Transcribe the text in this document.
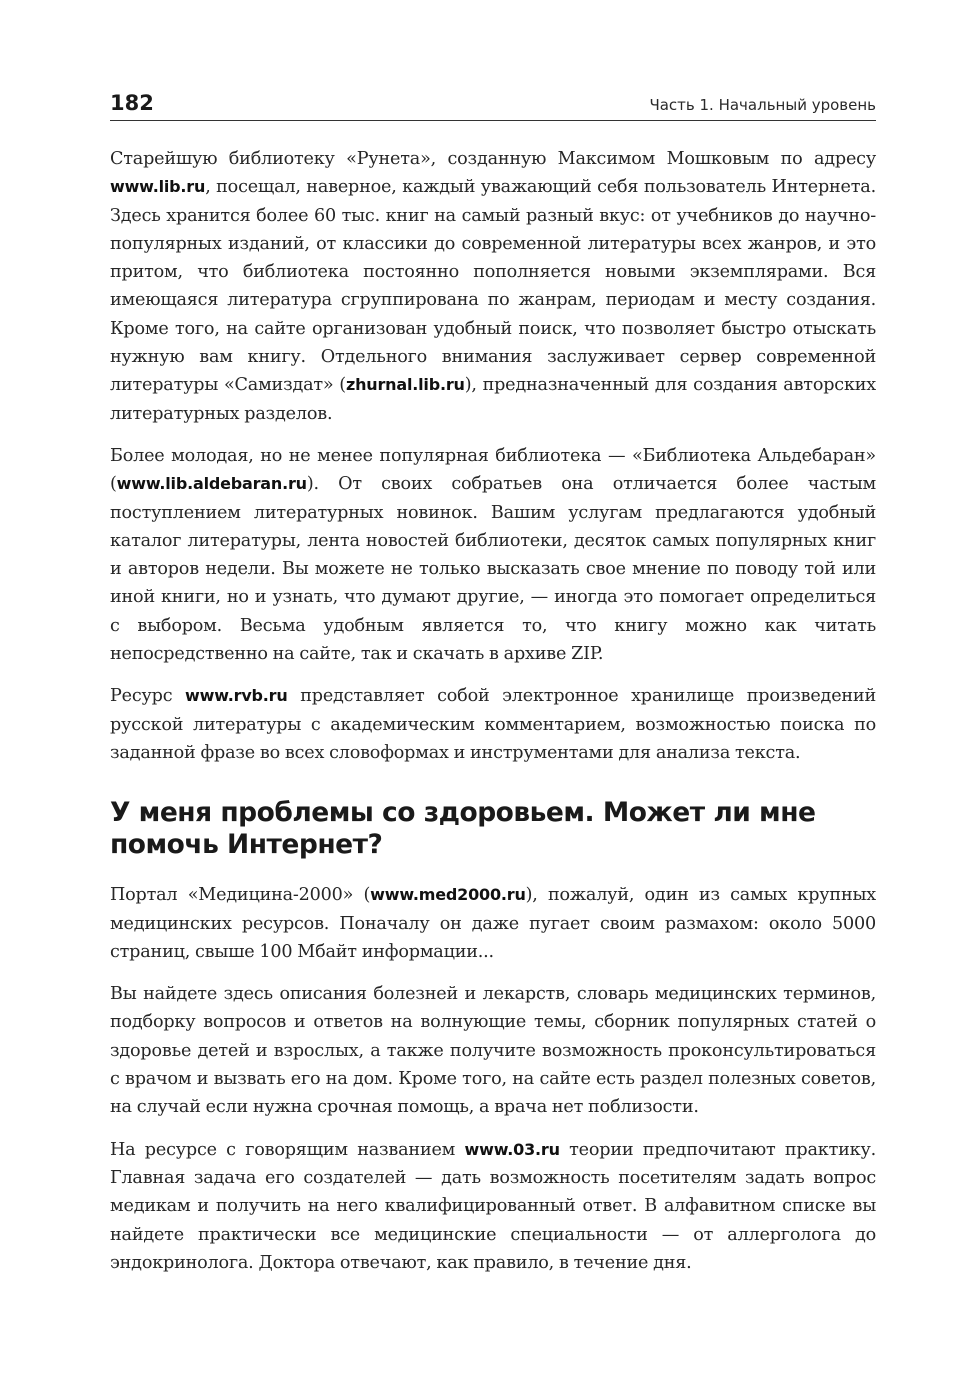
182	Часть 1. Начальный уровень

Старейшую библиотеку «Рунета», созданную Максимом Мошковым по адресу www.lib.ru, посещал, наверное, каждый уважающий себя пользователь Интернета. Здесь хранится более 60 тыс. книг на самый разный вкус: от учебников до научно-популярных изданий, от классики до современной литературы всех жанров, и это притом, что библиотека постоянно пополняется новыми экземплярами. Вся имеющаяся литература сгруппирована по жанрам, периодам и месту создания. Кроме того, на сайте организован удобный поиск, что позволяет быстро отыскать нужную вам книгу. Отдельного внимания заслуживает сервер современной литературы «Самиздат» (zhurnal.lib.ru), предназначенный для создания авторских литературных разделов.

Более молодая, но не менее популярная библиотека — «Библиотека Альдебаран» (www.lib.aldebaran.ru). От своих собратьев она отличается более частым поступлением литературных новинок. Вашим услугам предлагаются удобный каталог литературы, лента новостей библиотеки, десяток самых популярных книг и авторов недели. Вы можете не только высказать свое мнение по поводу той или иной книги, но и узнать, что думают другие, — иногда это помогает определиться с выбором. Весьма удобным является то, что книгу можно как читать непосредственно на сайте, так и скачать в архиве ZIP.

Ресурс www.rvb.ru представляет собой электронное хранилище произведений русской литературы с академическим комментарием, возможностью поиска по заданной фразе во всех словоформах и инструментами для анализа текста.

У меня проблемы со здоровьем. Может ли мне помочь Интернет?

Портал «Медицина-2000» (www.med2000.ru), пожалуй, один из самых крупных медицинских ресурсов. Поначалу он даже пугает своим размахом: около 5000 страниц, свыше 100 Мбайт информации...

Вы найдете здесь описания болезней и лекарств, словарь медицинских терминов, подборку вопросов и ответов на волнующие темы, сборник популярных статей о здоровье детей и взрослых, а также получите возможность проконсультироваться с врачом и вызвать его на дом. Кроме того, на сайте есть раздел полезных советов, на случай если нужна срочная помощь, а врача нет поблизости.

На ресурсе с говорящим названием www.03.ru теории предпочитают практику. Главная задача его создателей — дать возможность посетителям задать вопрос медикам и получить на него квалифицированный ответ. В алфавитном списке вы найдете практически все медицинские специальности — от аллерголога до эндокринолога. Доктора отвечают, как правило, в течение дня.
